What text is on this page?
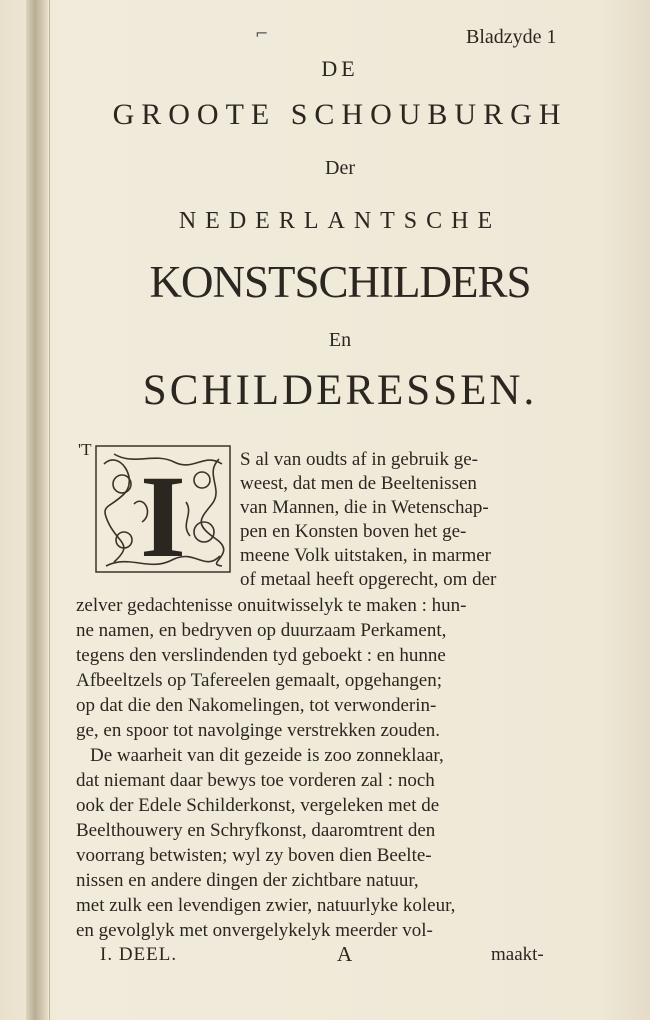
⌐	Bladzyde 1
DE
GROOTE SCHOUBURGH
Der
NEDERLANTSCHE
KONSTSCHILDERS
En
SCHILDERESSEN.
'T
I	S al van oudts af in gebruik ge-
weest, dat men de Beeltenissen
van Mannen, die in Wetenschap-
pen en Konsten boven het ge-
meene Volk uitstaken, in marmer
of metaal heeft opgerecht, om der
zelver gedachtenisse onuitwisselyk te maken : hun-
ne namen, en bedryven op duurzaam Perkament,
tegens den verslindenden tyd geboekt : en hunne
Afbeeltzels op Tafereelen gemaalt, opgehangen;
op dat die den Nakomelingen, tot verwonderin-
ge, en spoor tot navolginge verstrekken zouden.
De waarheit van dit gezeide is zoo zonneklaar,
dat niemant daar bewys toe vorderen zal : noch
ook der Edele Schilderkonst, vergeleken met de
Beelthouwery en Schryfkonst, daaromtrent den
voorrang betwisten; wyl zy boven dien Beelte-
nissen en andere dingen der zichtbare natuur,
met zulk een levendigen zwier, natuurlyke koleur,
en gevolglyk met onvergelykelyk meerder vol-
I. DEEL.	A	maakt-
